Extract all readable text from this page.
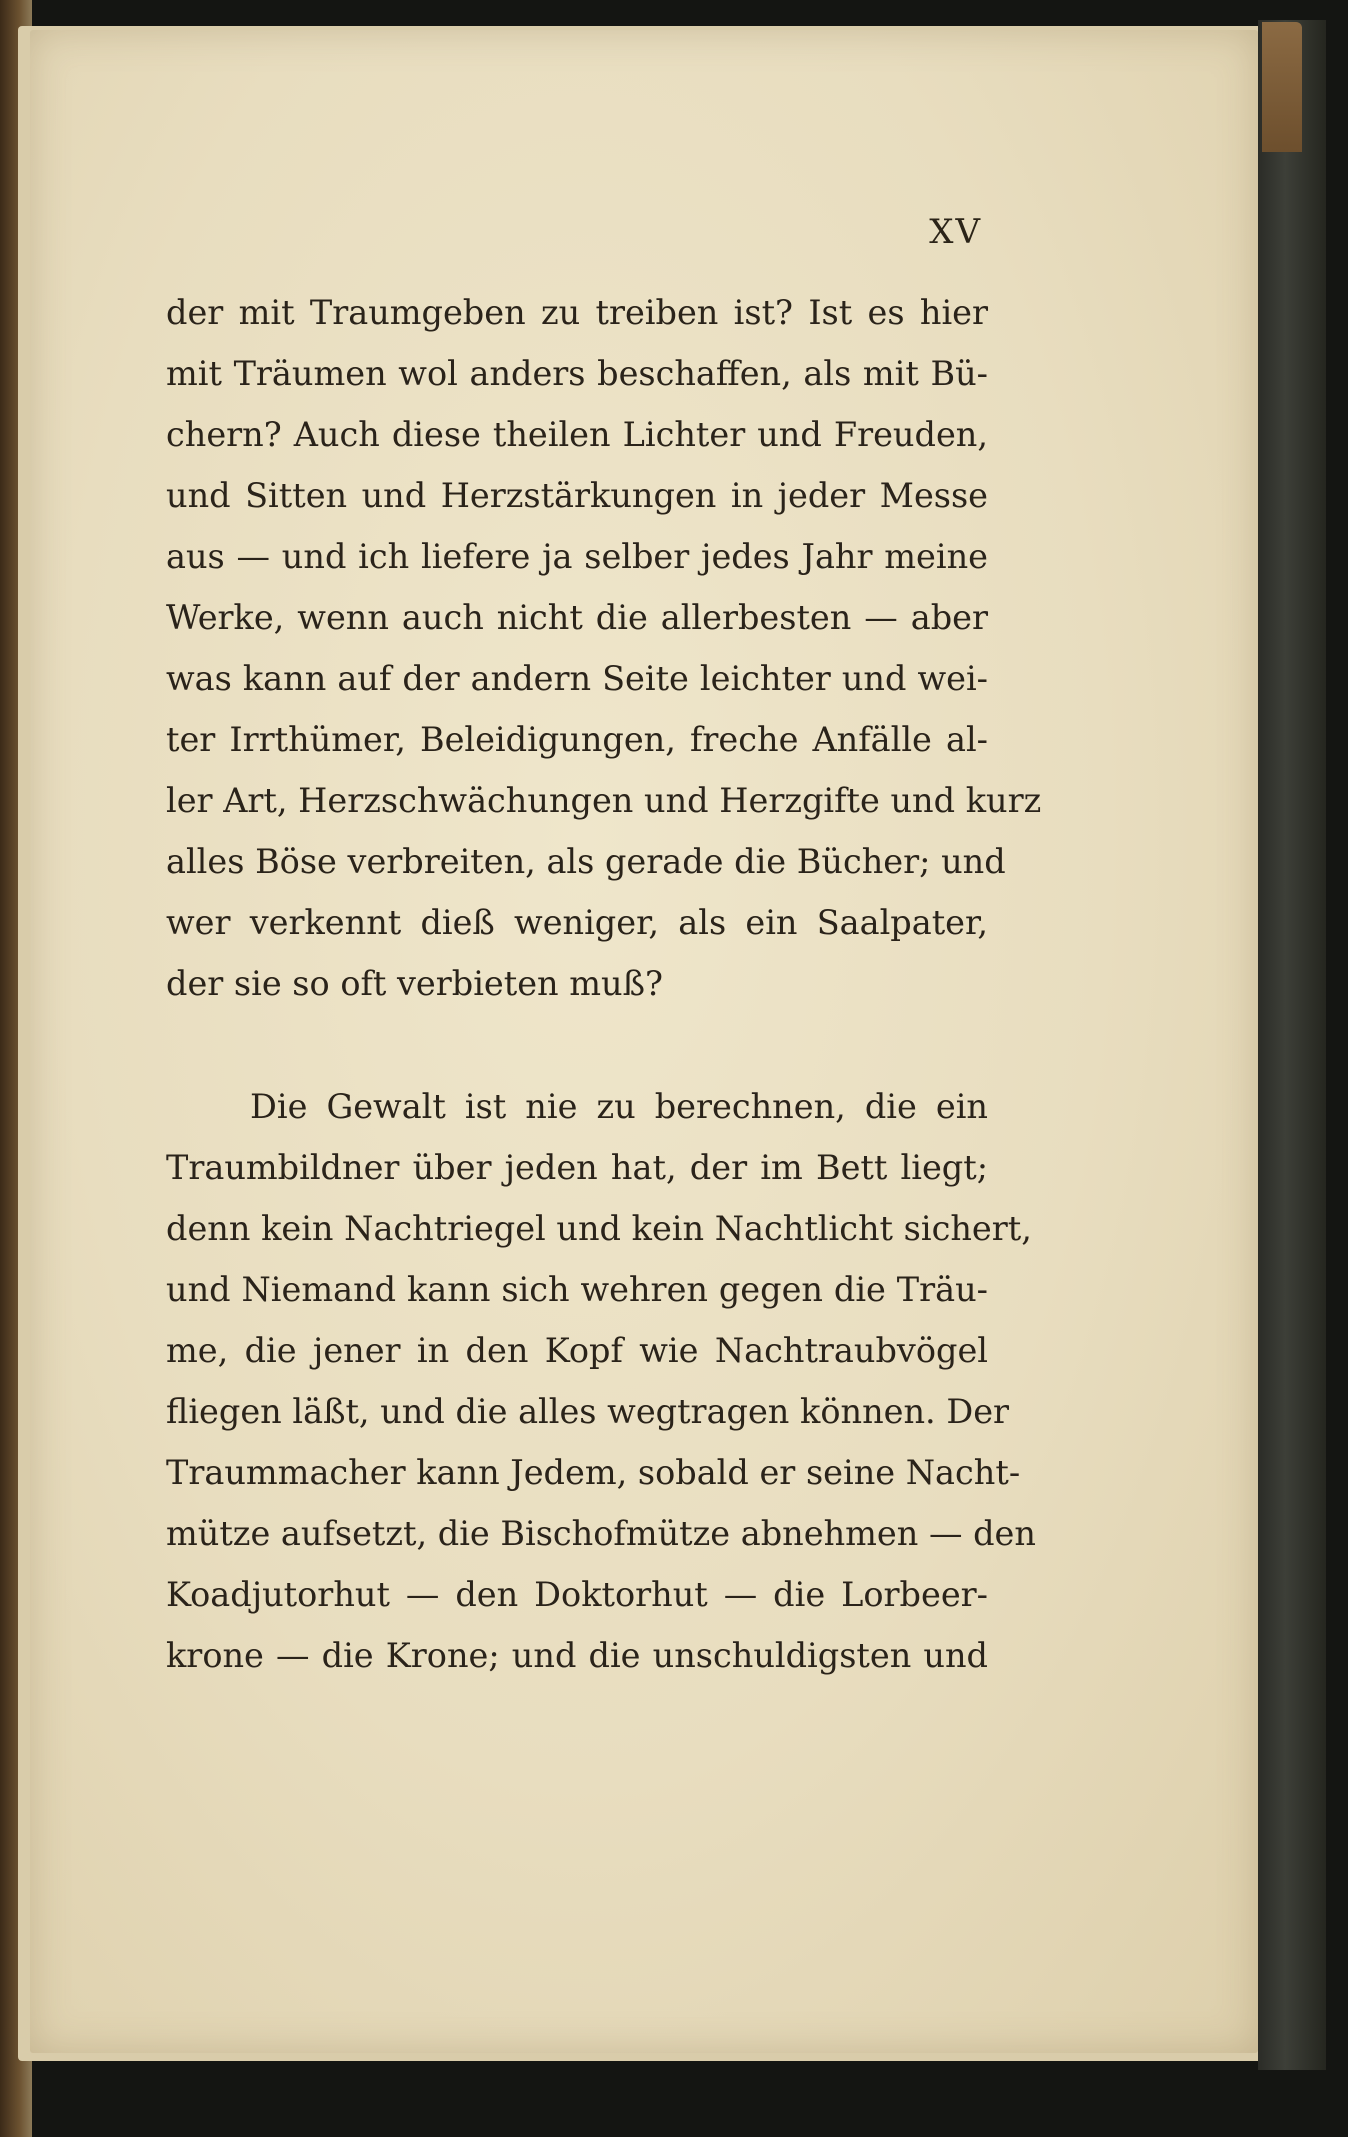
XV
der mit Traumgeben zu treiben ist? Ist es hier
mit Träumen wol anders beschaffen, als mit Bü-
chern? Auch diese theilen Lichter und Freuden,
und Sitten und Herzstärkungen in jeder Messe
aus — und ich liefere ja selber jedes Jahr meine
Werke, wenn auch nicht die allerbesten — aber
was kann auf der andern Seite leichter und wei-
ter Irrthümer, Beleidigungen, freche Anfälle al-
ler Art, Herzschwächungen und Herzgifte und kurz
alles Böse verbreiten, als gerade die Bücher; und
wer verkennt dieß weniger, als ein Saalpater,
der sie so oft verbieten muß?
Die Gewalt ist nie zu berechnen, die ein
Traumbildner über jeden hat, der im Bett liegt;
denn kein Nachtriegel und kein Nachtlicht sichert,
und Niemand kann sich wehren gegen die Träu-
me, die jener in den Kopf wie Nachtraubvögel
fliegen läßt, und die alles wegtragen können. Der
Traummacher kann Jedem, sobald er seine Nacht-
mütze aufsetzt, die Bischofmütze abnehmen — den
Koadjutorhut — den Doktorhut — die Lorbeer-
krone — die Krone; und die unschuldigsten und
